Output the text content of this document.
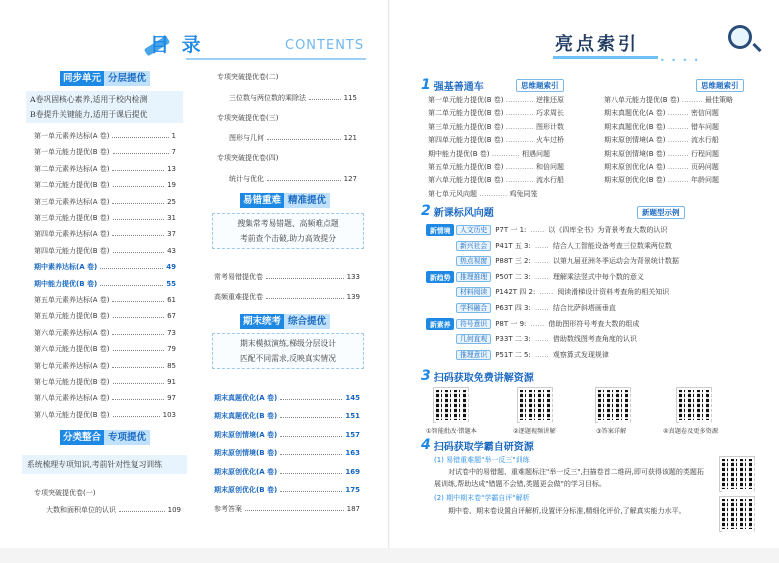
目 录	CONTENTS
同步单元 分层提优
A卷巩固核心素养,适用于校内检测
B卷提升关键能力,适用于课后提优
第一单元素养达标(A 卷)	1
第一单元能力提优(B 卷)	7
第二单元素养达标(A 卷)	13
第二单元能力提优(B 卷)	19
第三单元素养达标(A 卷)	25
第三单元能力提优(B 卷)	31
第四单元素养达标(A 卷)	37
第四单元能力提优(B 卷)	43
期中素养达标(A 卷)	49
期中能力提优(B 卷)	55
第五单元素养达标(A 卷)	61
第五单元能力提优(B 卷)	67
第六单元素养达标(A 卷)	73
第六单元能力提优(B 卷)	79
第七单元素养达标(A 卷)	85
第七单元能力提优(B 卷)	91
第八单元素养达标(A 卷)	97
第八单元能力提优(B 卷)	103
分类整合 专项提优
系统梳理专项知识,考前针对性复习训练
专项突破提优卷(一)
大数和面积单位的认识	109
专项突破提优卷(二)
三位数与两位数的乘除法	115
专项突破提优卷(三)
图形与几何	121
专项突破提优卷(四)
统计与优化	127
易错重难 精准提优
搜集常考易错题、高频难点题
考前查个击破,助力高效提分
常考易错提优卷	133
高频重难提优卷	139
期末统考 综合提优
期末模拟演练,梯级分层设计
匹配不同需求,反映真实情况
期末真题优化(A 卷)	145
期末真题优化(B 卷)	151
期末原创情境(A 卷)	157
期末原创情境(B 卷)	163
期末原创优化(A 卷)	169
期末原创优化(B 卷)	175
参考答案	187
亮点索引
• • • •
1 强基善通车	思维题索引	思维题索引
第一单元能力提优(B 卷) ………… 逆推还原
第二单元能力提优(B 卷) ………… 巧求周长
第三单元能力提优(B 卷) ………… 图形计数
第四单元能力提优(B 卷) ………… 火车过桥
期中能力提优(B 卷) ………… 相遇问题
第五单元能力提优(B 卷) ………… 和倍问题
第六单元能力提优(B 卷) ………… 流水行船
第七单元风向题 ………… 鸡兔同笼
第八单元能力提优(B 卷) ……… 最佳策略
期末真题优化(A 卷) ……… 密信问题
期末真题优化(B 卷) ……… 错车问题
期末原创情境(A 卷) ……… 流水行船
期末原创情境(B 卷) ……… 行程问题
期末原创优化(A 卷) ……… 页码问题
期末原创优化(B 卷) ……… 年龄问题
2 新课标风向题	新题型示例
新情境	人文历史 P7T 一 1: …… 以《四库全书》为背景考查大数的认识
新兴社会 P41T 五 3: …… 结合人工智能设备考查三位数乘两位数
热点视窗 P88T 三 2: …… 以第九届亚洲冬季运动会为背景统计数据
新趋势	推理推理 P50T 二 3: …… 理解乘法竖式中每个数的意义
材料阅读 P142T 四 2: …… 阅读滑梯设计资料考查角的相关知识
学科融合 P63T 四 3: …… 结合比萨斜塔画垂直
新素养	符号意识 P8T 一 9: …… 借助图形符号考查大数的组成
几何直观 P33T 二 3: …… 借助数线图考查角度的认识
推理意识 P51T 二 5: …… 观察算式发现规律
3 扫码获取免费讲解资源
①智能批改·错题本	②逐题视频讲解	③答案详解	④真题卷及更多资源
4 扫码获取学霸自研资源
(1) 易错重难题"举一反三"训练
对试卷中的易错题、重难题标注"举一反三",扫描卷首二维码,即可获得该题的类题拓展训练,帮助达成"错题不会错,类题更会做"的学习目标。
(2) 期中期末卷"学霸自评"解析
期中卷、期末卷设置自评解析,设置评分标准,精细化评价,了解真实能力水平。
